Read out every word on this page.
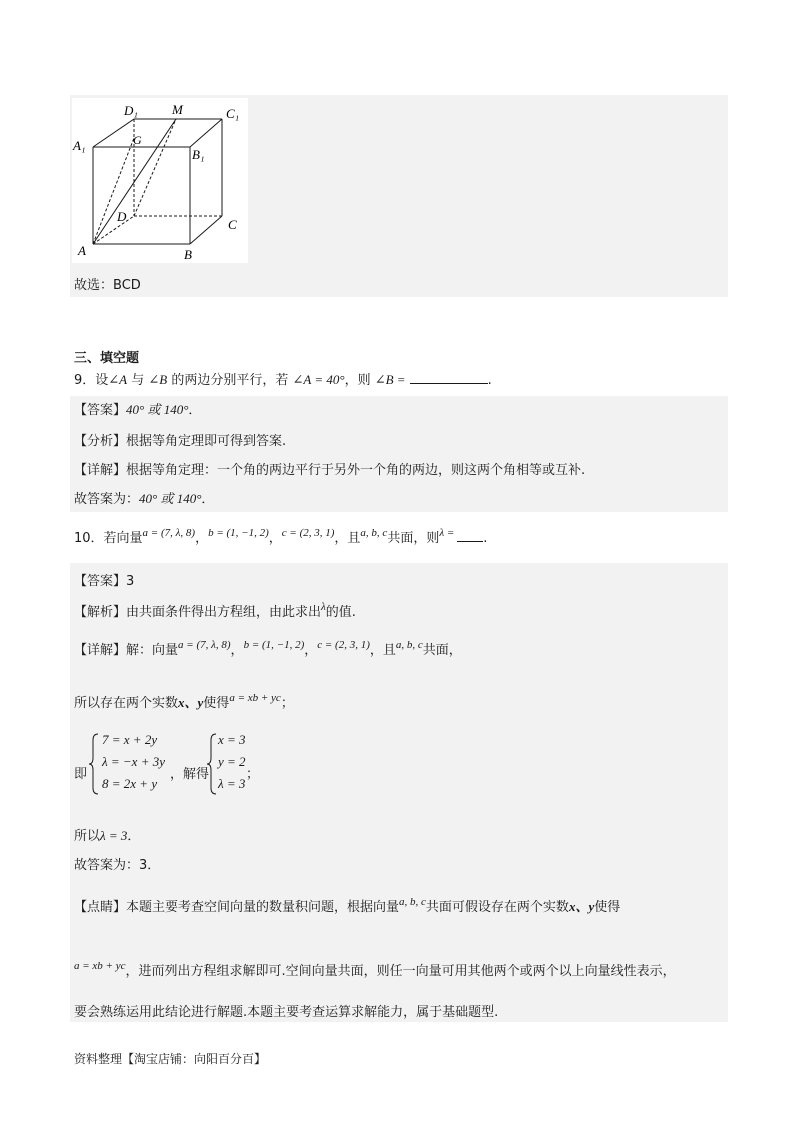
D₁	M	C₁
A₁	G
B₁
D
C
A	B
故选：BCD
三、填空题
9．设∠A 与 ∠B 的两边分别平行，若 ∠A = 40°，则 ∠B =	.
【答案】40° 或 140°．
【分析】根据等角定理即可得到答案.
【详解】根据等角定理：一个角的两边平行于另外一个角的两边，则这两个角相等或互补.
故答案为：40° 或 140°．
10．若向量$^{a = (7, \lambda, 8)}$，$^{b = (1, -1, 2)}$，$^{c = (2, 3, 1)}$，且$^{a, b, c}$共面，则$^{\lambda =}$ .
【答案】3
【解析】由共面条件得出方程组，由此求出$^\lambda$的值.
【详解】解：向量$^{a = (7, \lambda, 8)}$，$^{b = (1, -1, 2)}$，$^{c = (2, 3, 1)}$，且$^{a, b, c}$共面，
所以存在两个实数x、y使得$^{a = xb + yc}$；
即
7 = x + 2y
λ = −x + 3y
8 = 2x + y
，解得
x = 3
y = 2
λ = 3
；
所以λ = 3．
故答案为：3．
【点睛】本题主要考查空间向量的数量积问题，根据向量$^{a, b, c}$共面可假设存在两个实数x、y使得
$^{a = xb + yc}$，进而列出方程组求解即可.空间向量共面，则任一向量可用其他两个或两个以上向量线性表示，
要会熟练运用此结论进行解题.本题主要考查运算求解能力，属于基础题型.
资料整理【淘宝店铺：向阳百分百】
